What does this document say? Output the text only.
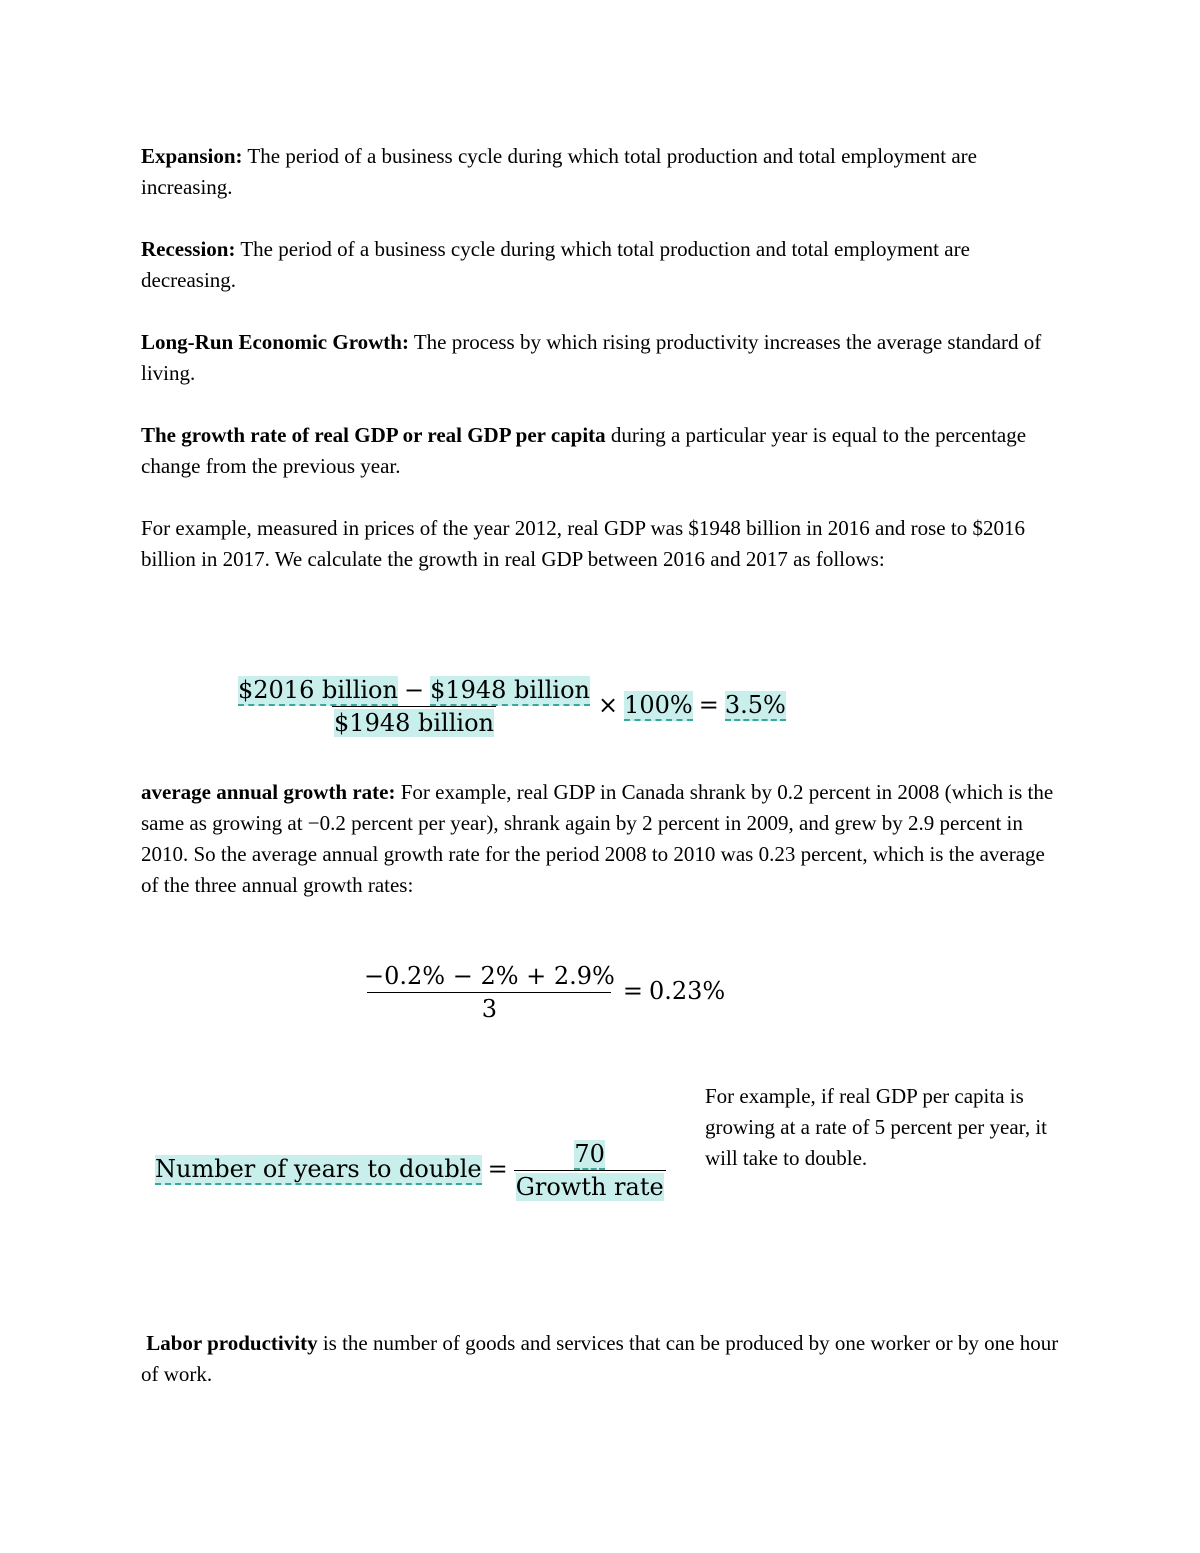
Expansion: The period of a business cycle during which total production and total employment are increasing.

Recession: The period of a business cycle during which total production and total employment are decreasing.

Long-Run Economic Growth: The process by which rising productivity increases the average standard of living.

The growth rate of real GDP or real GDP per capita during a particular year is equal to the percentage change from the previous year.

For example, measured in prices of the year 2012, real GDP was $1948 billion in 2016 and rose to $2016 billion in 2017. We calculate the growth in real GDP between 2016 and 2017 as follows:

$\frac{\text{\$2016 billion − \$1948 billion}}{\text{\$1948 billion}} \times 100\% = 3.5\%$

average annual growth rate: For example, real GDP in Canada shrank by 0.2 percent in 2008 (which is the same as growing at −0.2 percent per year), shrank again by 2 percent in 2009, and grew by 2.9 percent in 2010. So the average annual growth rate for the period 2008 to 2010 was 0.23 percent, which is the average of the three annual growth rates:

$\frac{-0.2\% - 2\% + 2.9\%}{3} = 0.23\%$
Number of years to double = $\frac{70}{\text{Growth rate}}$

For example, if real GDP per capita is growing at a rate of 5 percent per year, it will take to double.

Labor productivity is the number of goods and services that can be produced by one worker or by one hour of work.
